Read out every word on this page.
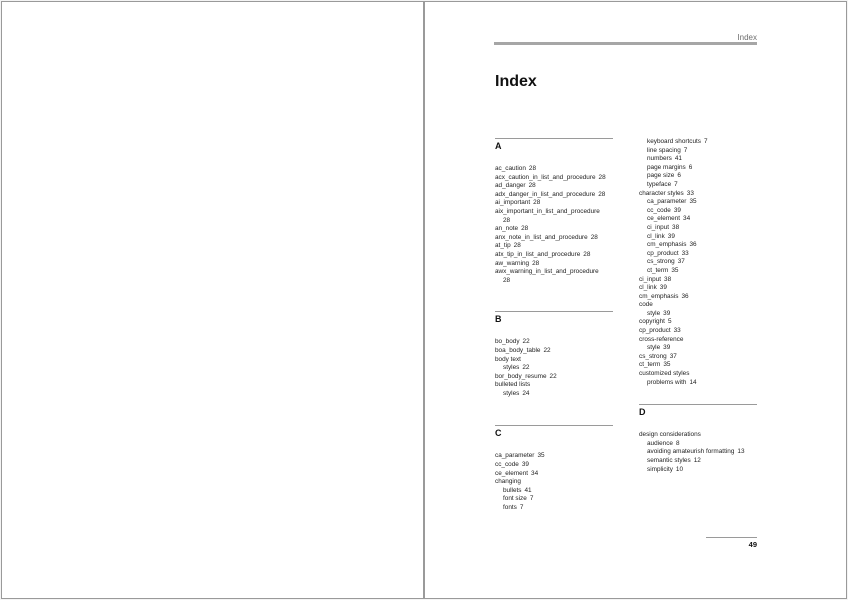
Index
Index
A
ac_caution 28
acx_caution_in_list_and_procedure 28
ad_danger 28
adx_danger_in_list_and_procedure 28
ai_important 28
aix_important_in_list_and_procedure
28
an_note 28
anx_note_in_list_and_procedure 28
at_tip 28
atx_tip_in_list_and_procedure 28
aw_warning 28
awx_warning_in_list_and_procedure
28
B
bo_body 22
boa_body_table 22
body text
styles 22
bor_body_resume 22
bulleted lists
styles 24
C
ca_parameter 35
cc_code 39
ce_element 34
changing
bullets 41
font size 7
fonts 7
keyboard shortcuts 7
line spacing 7
numbers 41
page margins 6
page size 6
typeface 7
character styles 33
ca_parameter 35
cc_code 39
ce_element 34
ci_input 38
cl_link 39
cm_emphasis 36
cp_product 33
cs_strong 37
ct_term 35
ci_input 38
cl_link 39
cm_emphasis 36
code
style 39
copyright 5
cp_product 33
cross-reference
style 39
cs_strong 37
ct_term 35
customized styles
problems with 14
D
design considerations
audience 8
avoiding amateurish formatting 13
semantic styles 12
simplicity 10
49
